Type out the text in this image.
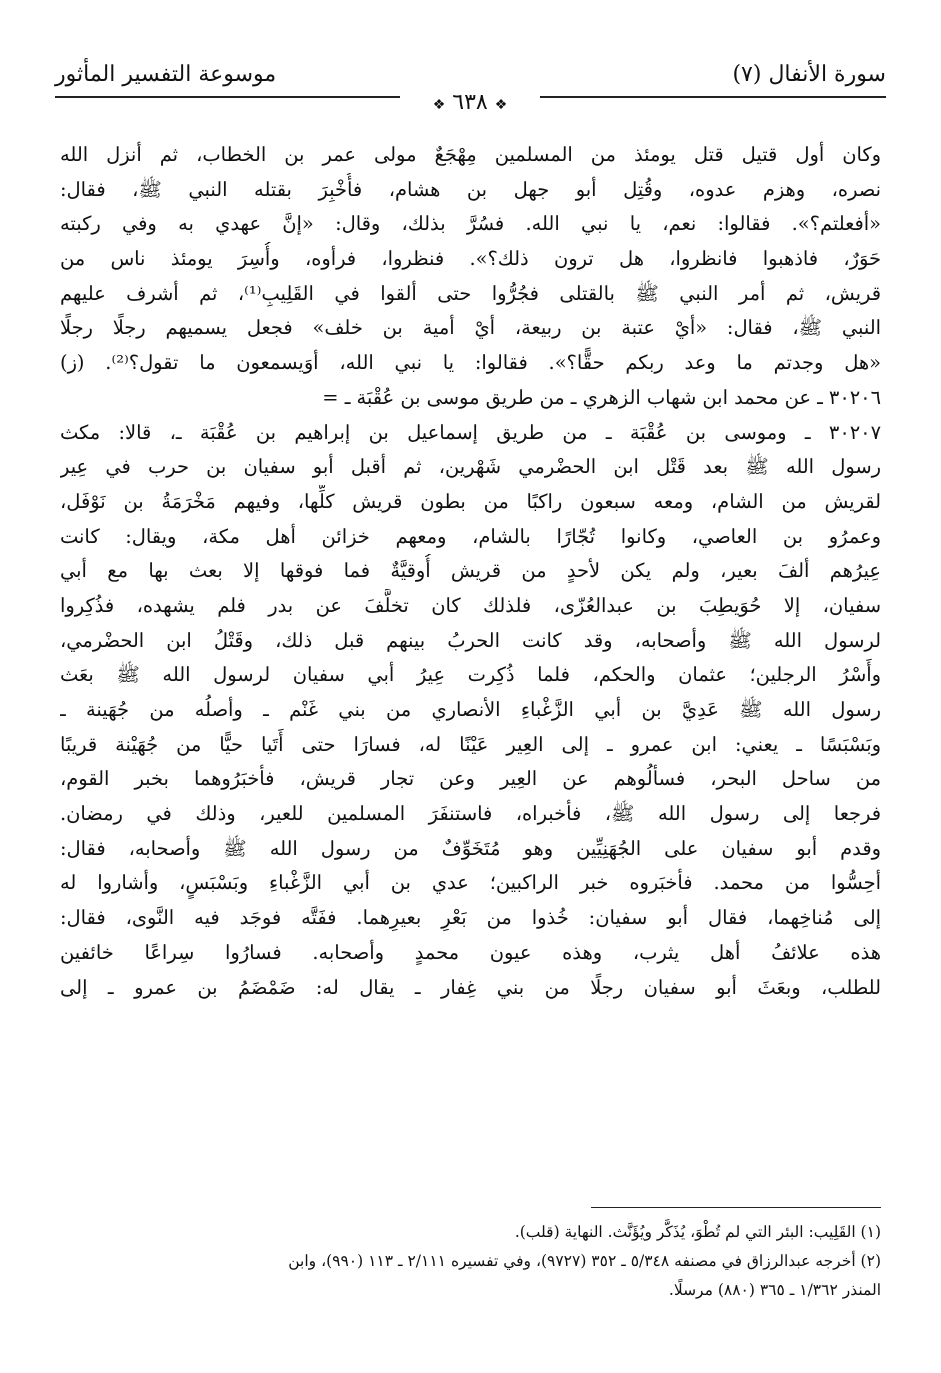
سورة الأنفال (٧)
موسوعة التفسير المأثور
❖ ٦٣٨ ❖
وكان أول قتيل قتل يومئذ من المسلمين مِهْجَعٌ مولى عمر بن الخطاب، ثم أنزل الله
نصره، وهزم عدوه، وقُتِل أبو جهل بن هشام، فأُخْبِرَ بقتله النبي ﷺ، فقال:
«أفعلتم؟». فقالوا: نعم، يا نبي الله. فسُرَّ بذلك، وقال: «إنَّ عهدي به وفي ركبته
حَوَرٌ، فاذهبوا فانظروا، هل ترون ذلك؟». فنظروا، فرأوه، وأُسِرَ يومئذ ناس من
قريش، ثم أمر النبي ﷺ بالقتلى فجُرُّوا حتى ألقوا في القَلِيبِ⁽¹⁾، ثم أشرف عليهم
النبي ﷺ، فقال: «أيْ عتبة بن ربيعة، أيْ أمية بن خلف» فجعل يسميهم رجلًا رجلًا
«هل وجدتم ما وعد ربكم حقًّا؟». فقالوا: يا نبي الله، أوَيسمعون ما تقول؟⁽²⁾. (ز)
٣٠٢٠٦ ـ عن محمد ابن شهاب الزهري ـ من طريق موسى بن عُقْبَة ـ =
٣٠٢٠٧ ـ وموسى بن عُقْبَة ـ من طريق إسماعيل بن إبراهيم بن عُقْبَة ـ، قالا: مكث
رسول الله ﷺ بعد قَتْل ابن الحضْرمي شَهْرين، ثم أقبل أبو سفيان بن حرب في عِير
لقريش من الشام، ومعه سبعون راكبًا من بطون قريش كلِّها، وفيهم مَخْرَمَةُ بن نَوْفَل،
وعمرُو بن العاصي، وكانوا تُجّارًا بالشام، ومعهم خزائن أهل مكة، ويقال: كانت
عِيرُهم ألفَ بعير، ولم يكن لأحدٍ من قريش أُوقيَّةٌ فما فوقها إلا بعث بها مع أبي
سفيان، إلا حُوَيطِبَ بن عبدالعُزّى، فلذلك كان تخلَّفَ عن بدر فلم يشهده، فذُكِروا
لرسول الله ﷺ وأصحابه، وقد كانت الحربُ بينهم قبل ذلك، وقَتْلُ ابن الحضْرمي،
وأَسْرُ الرجلين؛ عثمان والحكم، فلما ذُكِرت عِيرُ أبي سفيان لرسول الله ﷺ بعَث
رسول الله ﷺ عَدِيَّ بن أبي الزَّغْباءِ الأنصاري من بني غَنْم ـ وأصلُه من جُهَينة ـ
وبَسْبَسًا ـ يعني: ابن عمرو ـ إلى العِير عَيْنًا له، فسارَا حتى أَتَيا حيًّا من جُهَيْنة قريبًا
من ساحل البحر، فسألُوهم عن العِير وعن تجار قريش، فأخبَرُوهما بخبر القوم،
فرجعا إلى رسول الله ﷺ، فأخبراه، فاستنفَرَ المسلمين للعير، وذلك في رمضان.
وقدم أبو سفيان على الجُهَنِيِّين وهو مُتَخَوِّفٌ من رسول الله ﷺ وأصحابه، فقال:
أحِسُّوا من محمد. فأخبَروه خبر الراكبين؛ عدي بن أبي الزَّغْباءِ وبَسْبَسٍ، وأشاروا له
إلى مُناخِهما، فقال أبو سفيان: خُذوا من بَعْرِ بعيرِهما. ففَتَّه فوجَد فيه النَّوى، فقال:
هذه علائفُ أهل يثرب، وهذه عيون محمدٍ وأصحابه. فسارُوا سِراعًا خائفين
للطلب، وبعَثَ أبو سفيان رجلًا من بني غِفار ـ يقال له: ضَمْضَمُ بن عمرو ـ إلى
(١) القَلِيب: البئر التي لم تُطْوَ، يُذَكَّر ويُؤَنَّث. النهاية (قلب).
(٢) أخرجه عبدالرزاق في مصنفه ٥/٣٤٨ ـ ٣٥٢ (٩٧٢٧)، وفي تفسيره ٢/١١١ ـ ١١٣ (٩٩٠)، وابن
المنذر ١/٣٦٢ ـ ٣٦٥ (٨٨٠) مرسلًا.
